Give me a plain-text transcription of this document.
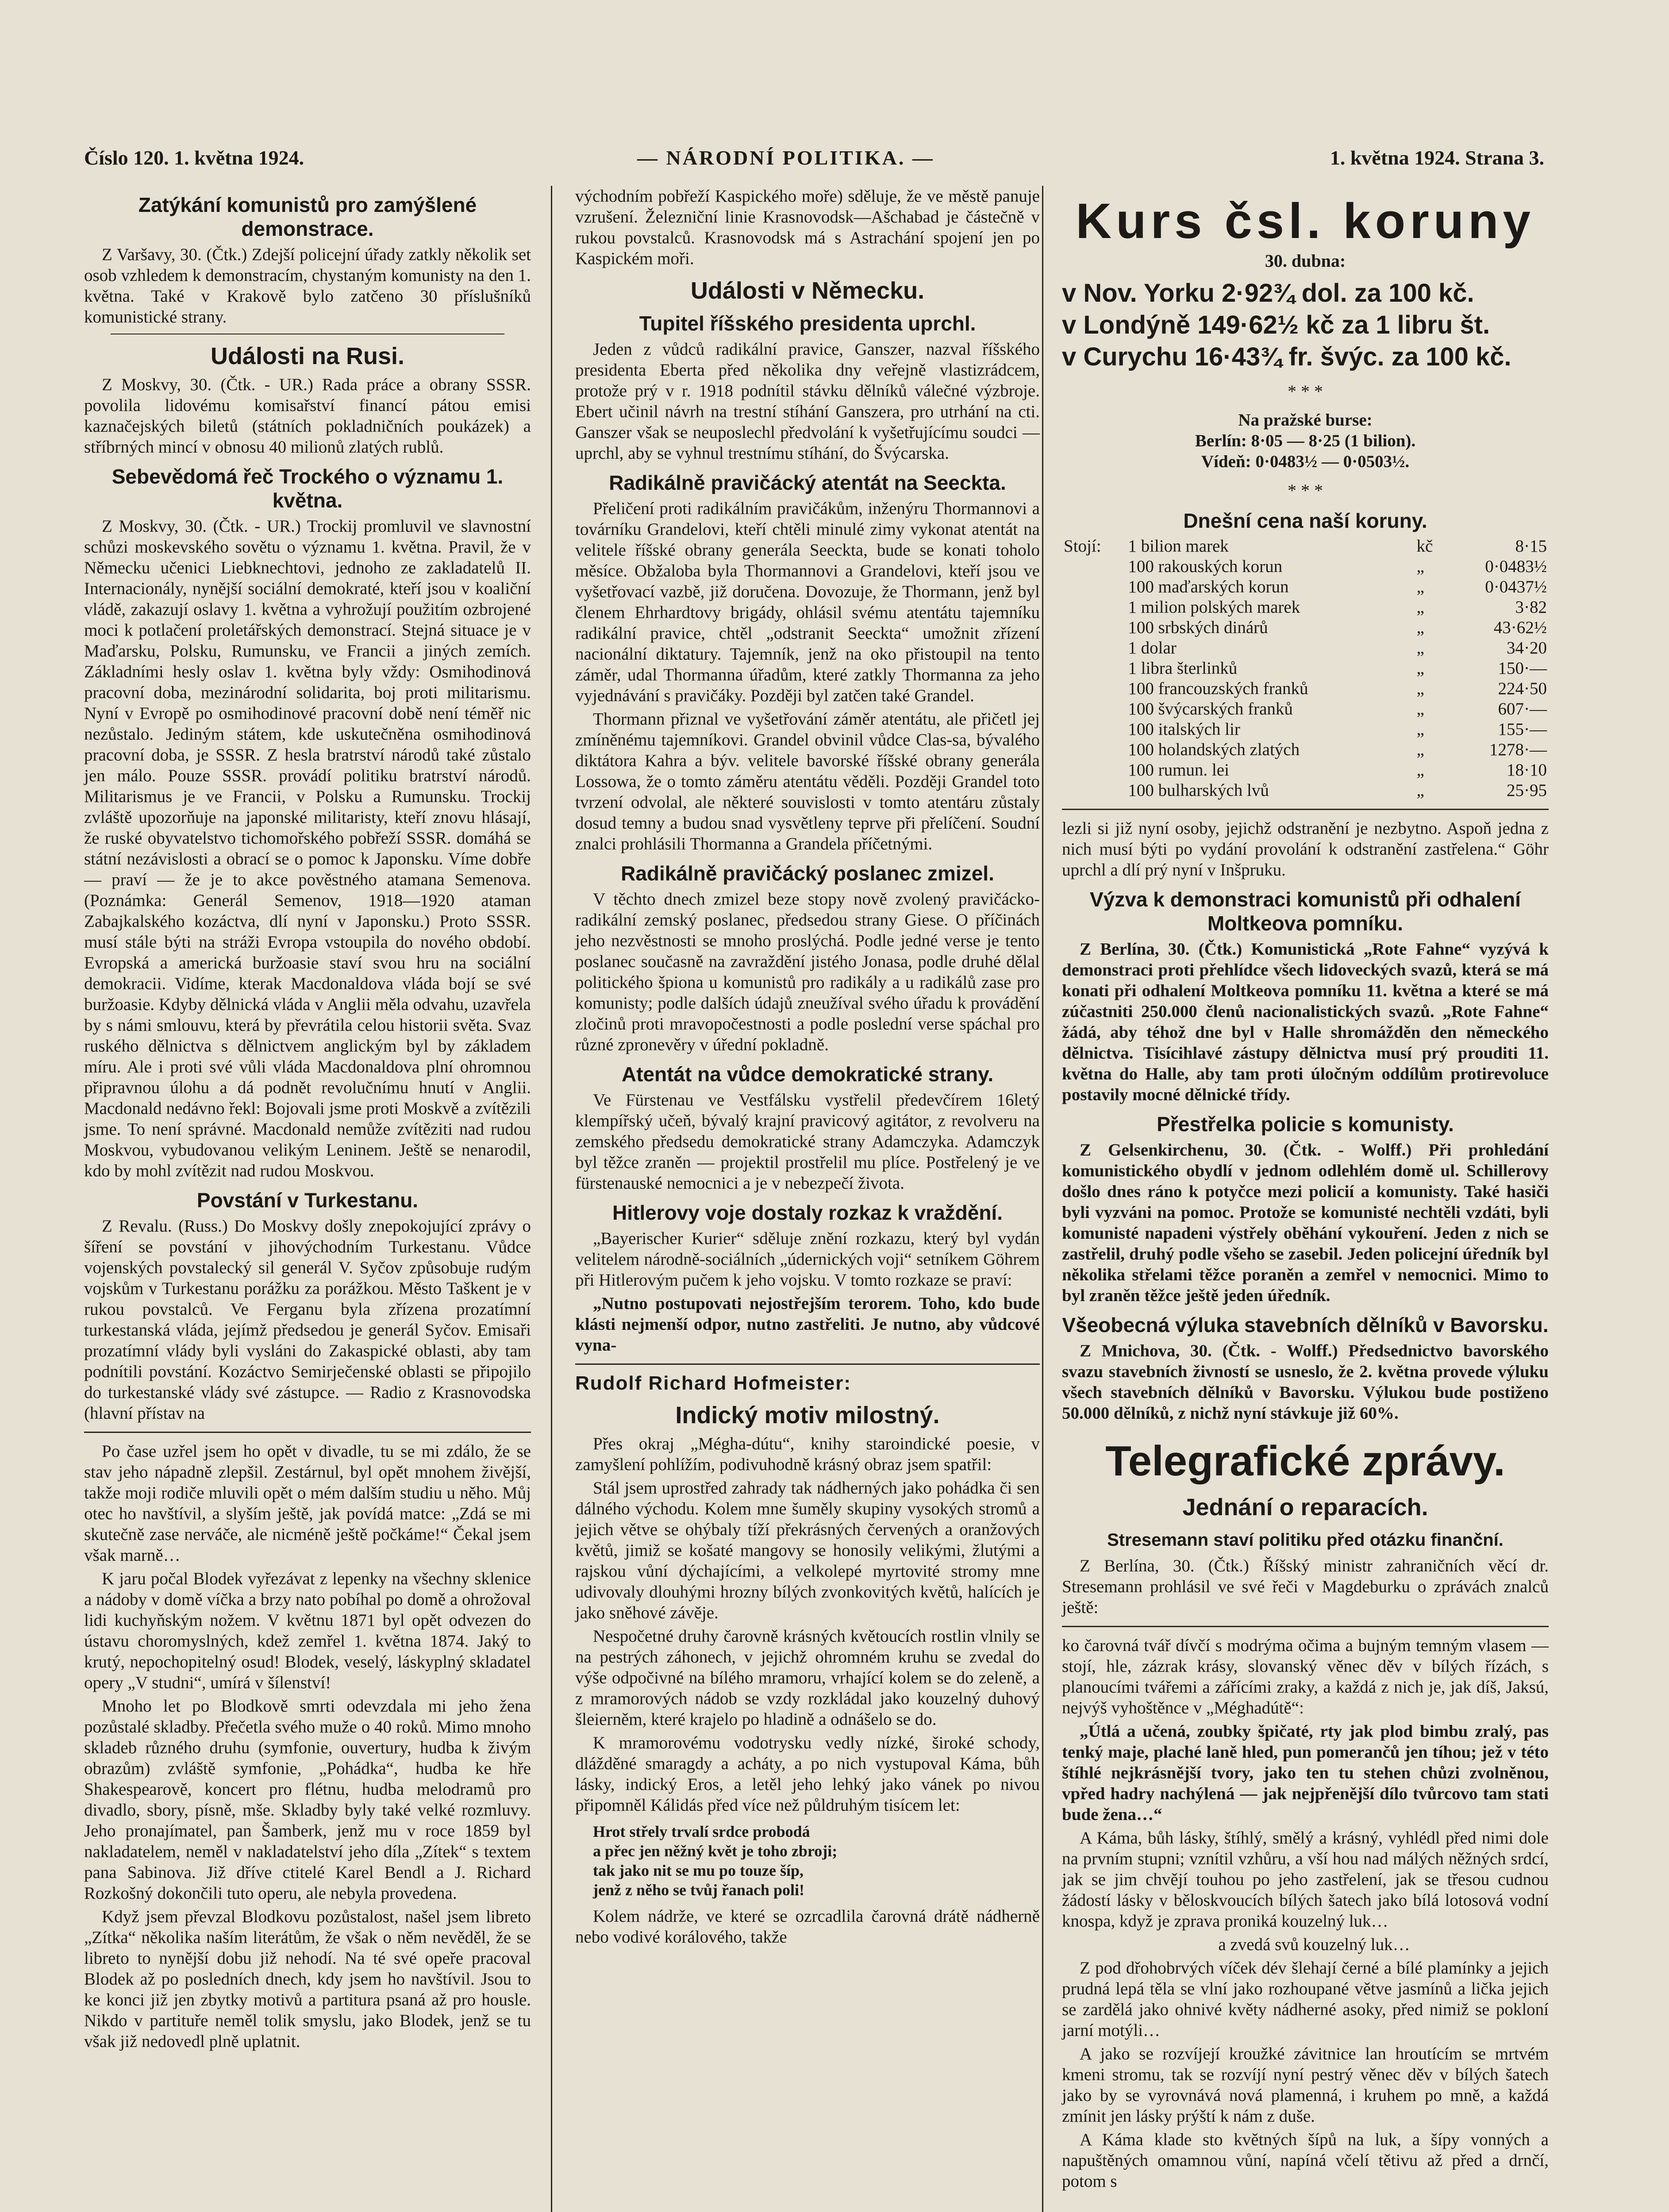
Číslo 120. 1. května 1924.	— NÁRODNÍ POLITIKA. —	1. května 1924. Strana 3.
Zatýkání komunistů pro zamýšlené demonstrace.

Z Varšavy, 30. (Čtk.) Zdejší policejní úřady zatkly několik set osob vzhledem k demonstracím, chystaným komunisty na den 1. května. Také v Krakově bylo zatčeno 30 příslušníků komunistické strany.

Události na Rusi.

Z Moskvy, 30. (Čtk. - UR.) Rada práce a obrany SSSR. povolila lidovému komisařství financí pátou emisi kaznačejských biletů (státních pokladničních poukázek) a stříbrných mincí v obnosu 40 milionů zlatých rublů.

Sebevědomá řeč Trockého o významu 1. května.

Z Moskvy, 30. (Čtk. - UR.) Trockij promluvil ve slavnostní schůzi moskevského sovětu o významu 1. května. Pravil, že v Německu učenici Liebknechtovi, jednoho ze zakladatelů II. Internacionály, nynější sociální demokraté, kteří jsou v koaliční vládě, zakazují oslavy 1. května a vyhrožují použitím ozbrojené moci k potlačení proletářských demonstrací. Stejná situace je v Maďarsku, Polsku, Rumunsku, ve Francii a jiných zemích. Základními hesly oslav 1. května byly vždy: Osmihodinová pracovní doba, mezinárodní solidarita, boj proti militarismu. Nyní v Evropě po osmihodinové pracovní době není téměř nic nezůstalo. Jediným státem, kde uskutečněna osmihodinová pracovní doba, je SSSR. Z hesla bratrství národů také zůstalo jen málo. Pouze SSSR. provádí politiku bratrství národů. Militarismus je ve Francii, v Polsku a Rumunsku. Trockij zvláště upozorňuje na japonské militaristy, kteří znovu hlásají, že ruské obyvatelstvo tichomořského pobřeží SSSR. domáhá se státní nezávislosti a obrací se o pomoc k Japonsku. Víme dobře — praví — že je to akce pověstného atamana Semenova. (Poznámka: Generál Semenov, 1918—1920 ataman Zabajkalského kozáctva, dlí nyní v Japonsku.) Proto SSSR. musí stále býti na stráži Evropa vstoupila do nového období. Evropská a americká buržoasie staví svou hru na sociální demokracii. Vidíme, kterak Macdonaldova vláda bojí se své buržoasie. Kdyby dělnická vláda v Anglii měla odvahu, uzavřela by s námi smlouvu, která by převrátila celou historii světa. Svaz ruského dělnictva s dělnictvem anglickým byl by základem míru. Ale i proti své vůli vláda Macdonaldova plní ohromnou připravnou úlohu a dá podnět revolučnímu hnutí v Anglii. Macdonald nedávno řekl: Bojovali jsme proti Moskvě a zvítězili jsme. To není správné. Macdonald nemůže zvítěziti nad rudou Moskvou, vybudovanou velikým Leninem. Ještě se nenarodil, kdo by mohl zvítězit nad rudou Moskvou.

Povstání v Turkestanu.

Z Revalu. (Russ.) Do Moskvy došly znepokojující zprávy o šíření se povstání v jihovýchodním Turkestanu. Vůdce vojenských povstalecký sil generál V. Syčov způsobuje rudým vojskům v Turkestanu porážku za porážkou. Město Taškent je v rukou povstalců. Ve Ferganu byla zřízena prozatímní turkestanská vláda, jejímž předsedou je generál Syčov. Emisaři prozatímní vlády byli vysláni do Zakaspické oblasti, aby tam podnítili povstání. Kozáctvo Semirječenské oblasti se připojilo do turkestanské vlády své zástupce. — Radio z Krasnovodska (hlavní přístav na

Po čase uzřel jsem ho opět v divadle, tu se mi zdálo, že se stav jeho nápadně zlepšil. Zestárnul, byl opět mnohem živější, takže moji rodiče mluvili opět o mém dalším studiu u něho. Můj otec ho navštívil, a slyším ještě, jak povídá matce: „Zdá se mi skutečně zase nerváče, ale nicméně ještě počkáme!“ Čekal jsem však marně…

K jaru počal Blodek vyřezávat z lepenky na všechny sklenice a nádoby v domě víčka a brzy nato pobíhal po domě a ohrožoval lidi kuchyňským nožem. V květnu 1871 byl opět odvezen do ústavu choromyslných, kdež zemřel 1. května 1874. Jaký to krutý, nepochopitelný osud! Blodek, veselý, láskyplný skladatel opery „V studni“, umírá v šílenství!

Mnoho let po Blodkově smrti odevzdala mi jeho žena pozůstalé skladby. Přečetla svého muže o 40 roků. Mimo mnoho skladeb různého druhu (symfonie, ouvertury, hudba k živým obrazům) zvláště symfonie, „Pohádka“, hudba ke hře Shakespearově, koncert pro flétnu, hudba melodramů pro divadlo, sbory, písně, mše. Skladby byly také velké rozmluvy. Jeho pronajímatel, pan Šamberk, jenž mu v roce 1859 byl nakladatelem, neměl v nakladatelství jeho díla „Zítek“ s textem pana Sabinova. Již dříve ctitelé Karel Bendl a J. Richard Rozkošný dokončili tuto operu, ale nebyla provedena.

Když jsem převzal Blodkovu pozůstalost, našel jsem libreto „Zítka“ několika naším literátům, že však o něm nevěděl, že se libreto to nynější dobu již nehodí. Na té své opeře pracoval Blodek až po posledních dnech, kdy jsem ho navštívil. Jsou to ke konci již jen zbytky motivů a partitura psaná až pro housle. Nikdo v partituře neměl tolik smyslu, jako Blodek, jenž se tu však již nedovedl plně uplatnit.

východním pobřeží Kaspického moře) sděluje, že ve městě panuje vzrušení. Železniční linie Krasnovodsk—Ašchabad je částečně v rukou povstalců. Krasnovodsk má s Astrachání spojení jen po Kaspickém moři.

Události v Německu.
Tupitel říšského presidenta uprchl.

Jeden z vůdců radikální pravice, Ganszer, nazval říšského presidenta Eberta před několika dny veřejně vlastizrádcem, protože prý v r. 1918 podnítil stávku dělníků válečné výzbroje. Ebert učinil návrh na trestní stíhání Ganszera, pro utrhání na cti. Ganszer však se neuposlechl předvolání k vyšetřujícímu soudci — uprchl, aby se vyhnul trestnímu stíhání, do Švýcarska.

Radikálně pravičácký atentát na Seeckta.

Přeličení proti radikálním pravičákům, inženýru Thormannovi a továrníku Grandelovi, kteří chtěli minulé zimy vykonat atentát na velitele říšské obrany generála Seeckta, bude se konati toholo měsíce. Obžaloba byla Thormannovi a Grandelovi, kteří jsou ve vyšetřovací vazbě, již doručena. Dovozuje, že Thormann, jenž byl členem Ehrhardtovy brigády, ohlásil svému atentátu tajemníku radikální pravice, chtěl „odstranit Seeckta“ umožnit zřízení nacionální diktatury. Tajemník, jenž na oko přistoupil na tento záměr, udal Thormanna úřadům, které zatkly Thormanna za jeho vyjednávání s pravičáky. Později byl zatčen také Grandel.

Thormann přiznal ve vyšetřování záměr atentátu, ale přičetl jej zmíněnému tajemníkovi. Grandel obvinil vůdce Clas-sa, bývalého diktátora Kahra a býv. velitele bavorské říšské obrany generála Lossowa, že o tomto záměru atentátu věděli. Později Grandel toto tvrzení odvolal, ale některé souvislosti v tomto atentáru zůstaly dosud temny a budou snad vysvětleny teprve při přelíčení. Soudní znalci prohlásili Thormanna a Grandela příčetnými.

Radikálně pravičácký poslanec zmizel.

V těchto dnech zmizel beze stopy nově zvolený pravičácko-radikální zemský poslanec, předsedou strany Giese. O příčinách jeho nezvěstnosti se mnoho proslýchá. Podle jedné verse je tento poslanec současně na zavraždění jistého Jonasa, podle druhé dělal politického špiona u komunistů pro radikály a u radikálů zase pro komunisty; podle dalších údajů zneužíval svého úřadu k provádění zločinů proti mravopočestnosti a podle poslední verse spáchal pro různé zpronevěry v úřední pokladně.

Atentát na vůdce demokratické strany.

Ve Fürstenau ve Vestfálsku vystřelil předevčírem 16letý klempířský učeň, bývalý krajní pravicový agitátor, z revolveru na zemského předsedu demokratické strany Adamczyka. Adamczyk byl těžce zraněn — projektil prostřelil mu plíce. Postřelený je ve fürstenauské nemocnici a je v nebezpečí života.

Hitlerovy voje dostaly rozkaz k vraždění.

„Bayerischer Kurier“ sděluje znění rozkazu, který byl vydán velitelem národně-sociálních „údernických voji“ setníkem Göhrem při Hitlerovým pučem k jeho vojsku. V tomto rozkaze se praví:

„Nutno postupovati nejostřejším terorem. Toho, kdo bude klásti nejmenší odpor, nutno zastřeliti. Je nutno, aby vůdcové vyna-

Rudolf Richard Hofmeister:
Indický motiv milostný.

Přes okraj „Mégha-dútu“, knihy staroindické poesie, v zamyšlení pohlížím, podivuhodně krásný obraz jsem spatřil:

Stál jsem uprostřed zahrady tak nádherných jako pohádka či sen dálného východu. Kolem mne šuměly skupiny vysokých stromů a jejich větve se ohýbaly tíží překrásných červených a oranžových květů, jimiž se košaté mangovy se honosily velikými, žlutými a rajskou vůní dýchajícími, a velkolepé myrtovité stromy mne udivovaly dlouhými hrozny bílých zvonkovitých květů, halících je jako sněhové závěje.

Nespočetné druhy čarovně krásných květoucích rostlin vlnily se na pestrých záhonech, v jejichž ohromném kruhu se zvedal do výše odpočivné na bílého mramoru, vrhající kolem se do zeleně, a z mramorových nádob se vzdy rozkládal jako kouzelný duhový šleierněm, které krajelo po hladině a odnášelo se do.

K mramorovému vodotrysku vedly nízké, široké schody, dlážděné smaragdy a acháty, a po nich vystupoval Káma, bůh lásky, indický Eros, a letěl jeho lehký jako vánek po nivou připomněl Kálidás před více než půldruhým tisícem let:

Hrot střely trvalí srdce probodá
a přec jen něžný květ je toho zbroji;
tak jako nit se mu po touze šíp,
jenž z něho se tvůj řanach poli!

Kolem nádrže, ve které se ozrcadlila čarovná drátě nádherně nebo vodivé korálového, takže

Kurs čsl. koruny
30. dubna:
v Nov. Yorku 2·92¾ dol. za 100 kč.
v Londýně 149·62½ kč za 1 libru št.
v Curychu 16·43¾ fr. švýc. za 100 kč.
* * *
Na pražské burse:
Berlín: 8·05 — 8·25 (1 bilion).
Vídeň: 0·0483½ — 0·0503½.
* * *
Dnešní cena naší koruny.
Stojí:	1 bilion marek	kč	8·15
	100 rakouských korun	„	0·0483½
	100 maďarských korun	„	0·0437½
	1 milion polských marek	„	3·82
	100 srbských dinárů	„	43·62½
	1 dolar	„	34·20
	1 libra šterlinků	„	150·—
	100 francouzských franků	„	224·50
	100 švýcarských franků	„	607·—
	100 italských lir	„	155·—
	100 holandských zlatých	„	1278·—
	100 rumun. lei	„	18·10
	100 bulharských lvů	„	25·95

lezli si již nyní osoby, jejichž odstranění je nezbytno. Aspoň jedna z nich musí býti po vydání provolání k odstranění zastřelena.“ Göhr uprchl a dlí prý nyní v Inšpruku.

Výzva k demonstraci komunistů při odhalení Moltkeova pomníku.

Z Berlína, 30. (Čtk.) Komunistická „Rote Fahne“ vyzývá k demonstraci proti přehlídce všech lidoveckých svazů, která se má konati při odhalení Moltkeova pomníku 11. května a které se má zúčastniti 250.000 členů nacionalistických svazů. „Rote Fahne“ žádá, aby téhož dne byl v Halle shromážděn den německého dělnictva. Tisícihlavé zástupy dělnictva musí prý prouditi 11. května do Halle, aby tam proti úločným oddílům protirevoluce postavily mocné dělnické třídy.

Přestřelka policie s komunisty.

Z Gelsenkirchenu, 30. (Čtk. - Wolff.) Při prohledání komunistického obydlí v jednom odlehlém domě ul. Schillerovy došlo dnes ráno k potyčce mezi policií a komunisty. Také hasiči byli vyzváni na pomoc. Protože se komunisté nechtěli vzdáti, byli komunisté napadeni výstřely oběhání vykouření. Jeden z nich se zastřelil, druhý podle všeho se zasebil. Jeden policejní úředník byl několika střelami těžce poraněn a zemřel v nemocnici. Mimo to byl zraněn těžce ještě jeden úředník.

Všeobecná výluka stavebních dělníků v Bavorsku.

Z Mnichova, 30. (Čtk. - Wolff.) Předsednictvo bavorského svazu stavebních živností se usneslo, že 2. května provede výluku všech stavebních dělníků v Bavorsku. Výlukou bude postiženo 50.000 dělníků, z nichž nyní stávkuje již 60%.

Telegrafické zprávy.
Jednání o reparacích.
Stresemann staví politiku před otázku finanční.

Z Berlína, 30. (Čtk.) Říšský ministr zahraničních věcí dr. Stresemann prohlásil ve své řeči v Magdeburku o zprávách znalců ještě:

ko čarovná tvář dívčí s modrýma očima a bujným temným vlasem — stojí, hle, zázrak krásy, slovanský věnec děv v bílých řízách, s planoucími tvářemi a zářícími zraky, a každá z nich je, jak díš, Jaksú, nejvýš vyhoštěnce v „Méghadútě“:

„Útlá a učená, zoubky špičaté, rty jak plod bimbu zralý, pas tenký maje, plaché laně hled, pun pomerančů jen tíhou; jež v této štíhlé nejkrásnější tvory, jako ten tu stehen chůzi zvolněnou, vpřed hadry nachýlená — jak nejpřenější dílo tvůrcovo tam stati bude žena…“

A Káma, bůh lásky, štíhlý, smělý a krásný, vyhlédl před nimi dole na prvním stupni; vznítil vzhůru, a vší hou nad málých něžných srdcí, jak se jim chvějí touhou po jeho zastřelení, jak se třesou cudnou žádostí lásky v běloskvoucích bílých šatech jako bílá lotosová vodní knospa, když je zprava proniká kouzelný luk…

a zvedá svů kouzelný luk…

Z pod dřohobrvých víček dév šlehají černé a bílé plamínky a jejich prudná lepá těla se vlní jako rozhoupané větve jasmínů a lička jejich se zardělá jako ohnivé květy nádherné asoky, před nimiž se pokloní jarní motýli…

A jako se rozvíjejí kroužké závitnice lan hroutícím se mrtvém kmeni stromu, tak se rozvíjí nyní pestrý věnec děv v bílých šatech jako by se vyrovnává nová plamenná, i kruhem po mně, a každá zmínit jen lásky prýští k nám z duše.

A Káma klade sto květných šípů na luk, a šípy vonných a napuštěných omamnou vůní, napíná včelí tětivu až před a drnčí, potom s
